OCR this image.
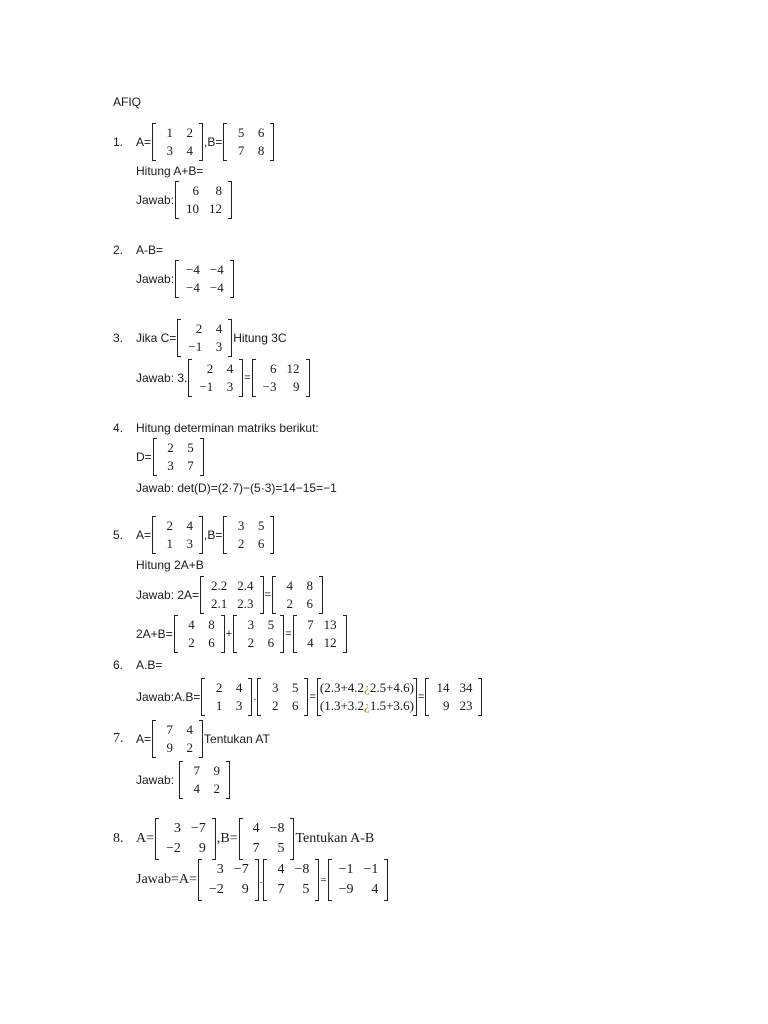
AFIQ
1.	A=
1	2
3	4
,B=
5	6
7	8
Hitung A+B=
Jawab:
6	8
10	12
2. A-B=
Jawab:
−4	−4
−4	−4
3.	Jika C=
2	4
−1	3
Hitung 3C
Jawab: 3.
2	4
−1	3
=
6	12
−3	9
4. Hitung determinan matriks berikut:
D=
2	5
3	7
Jawab: det(D)=(2·7)−(5·3)=14−15=−1
5.	A=
2	4
1	3
,B=
3	5
2	6
Hitung 2A+B
Jawab: 2A=
2.2	2.4
2.1	2.3
=
4	8
2	6
2A+B=
4	8
2	6
+
3	5
2	6
=
7	13
4	12
6. A.B=
Jawab:A.B=
2	4
1	3
.
3	5
2	6
=
(2.3+4.2¿2.5+4.6)
(1.3+3.2¿1.5+3.6)
=
14	34
9	23
7.	A=
7	4
9	2
Tentukan AT
Jawab:
7	9
4	2
8. A=
3	−7
−2	9
,B=
4	−8
7	5
Tentukan A-B
Jawab=A=
3	−7
−2	9
.
4	−8
7	5
=
−1	−1
−9	4
